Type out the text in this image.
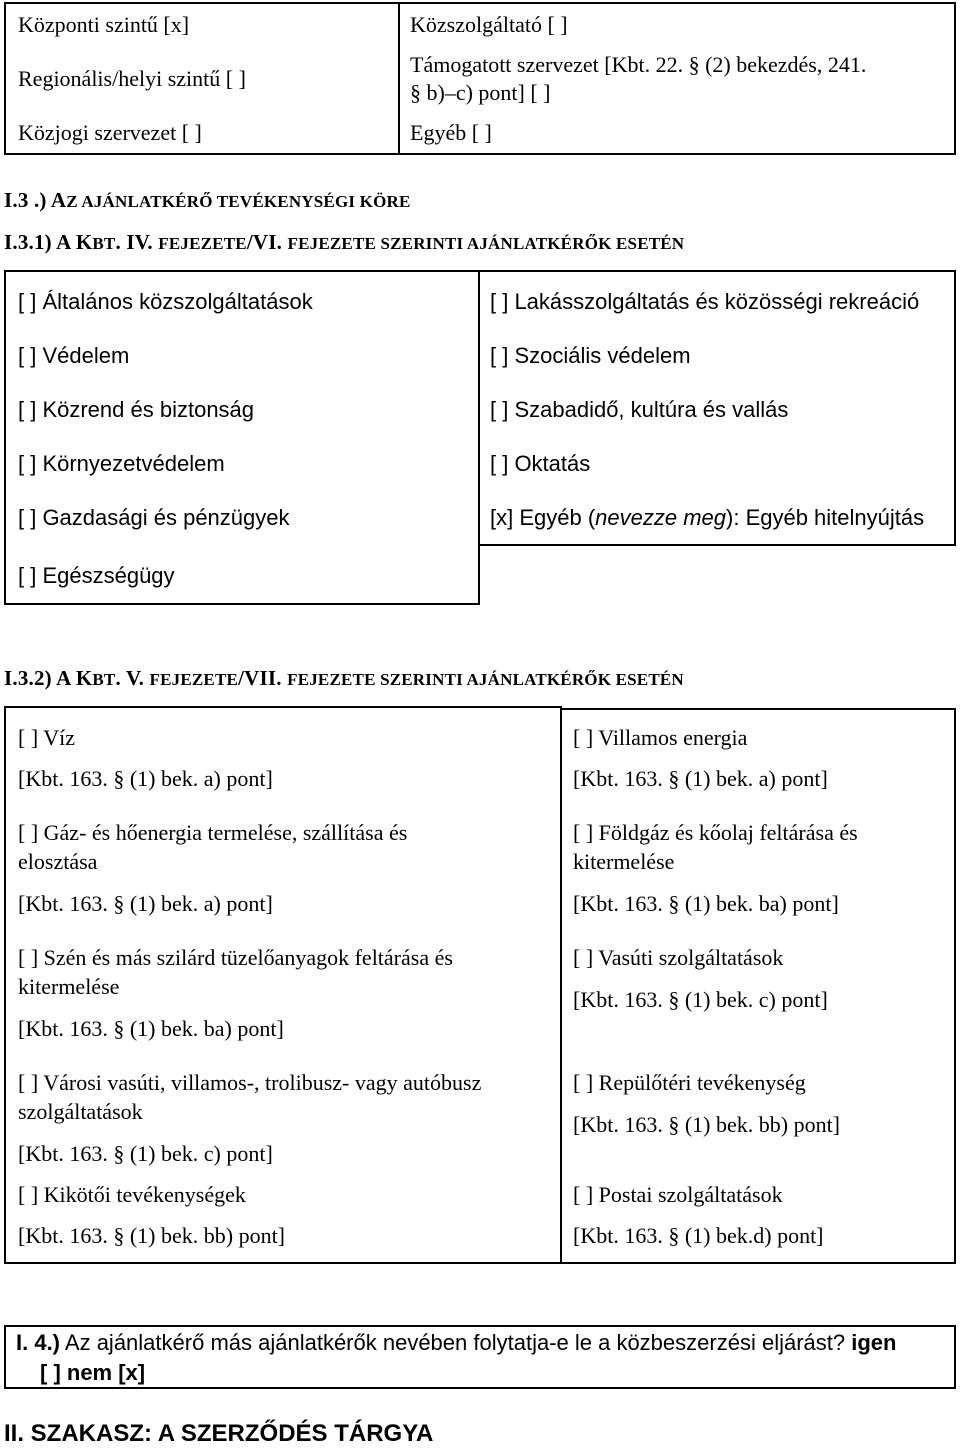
Központi szintű [x]
Regionális/helyi szintű [ ]
Közjogi szervezet [ ]
Közszolgáltató [ ]
Támogatott szervezet [Kbt. 22. § (2) bekezdés, 241.
§ b)–c) pont] [ ]
Egyéb [ ]
I.3 .) AZ AJÁNLATKÉRŐ TEVÉKENYSÉGI KÖRE
I.3.1) A KBT. IV. FEJEZETE/VI. FEJEZETE SZERINTI AJÁNLATKÉRŐK ESETÉN
[ ] Általános közszolgáltatások
[ ] Védelem
[ ] Közrend és biztonság
[ ] Környezetvédelem
[ ] Gazdasági és pénzügyek
[ ] Egészségügy
[ ] Lakásszolgáltatás és közösségi rekreáció
[ ] Szociális védelem
[ ] Szabadidő, kultúra és vallás
[ ] Oktatás
[x] Egyéb (nevezze meg): Egyéb hitelnyújtás
I.3.2) A KBT. V. FEJEZETE/VII. FEJEZETE SZERINTI AJÁNLATKÉRŐK ESETÉN
[ ] Víz
[Kbt. 163. § (1) bek. a) pont]
[ ] Gáz- és hőenergia termelése, szállítása és
elosztása
[Kbt. 163. § (1) bek. a) pont]
[ ] Szén és más szilárd tüzelőanyagok feltárása és
kitermelése
[Kbt. 163. § (1) bek. ba) pont]
[ ] Városi vasúti, villamos-, trolibusz- vagy autóbusz
szolgáltatások
[Kbt. 163. § (1) bek. c) pont]
[ ] Kikötői tevékenységek
[Kbt. 163. § (1) bek. bb) pont]
[ ] Villamos energia
[Kbt. 163. § (1) bek. a) pont]
[ ] Földgáz és kőolaj feltárása és
kitermelése
[Kbt. 163. § (1) bek. ba) pont]
[ ] Vasúti szolgáltatások
[Kbt. 163. § (1) bek. c) pont]
[ ] Repülőtéri tevékenység
[Kbt. 163. § (1) bek. bb) pont]
[ ] Postai szolgáltatások
[Kbt. 163. § (1) bek.d) pont]
I. 4.) Az ajánlatkérő más ajánlatkérők nevében folytatja-e le a közbeszerzési eljárást? igen
[ ] nem [x]
II. SZAKASZ: A SZERZŐDÉS TÁRGYA
